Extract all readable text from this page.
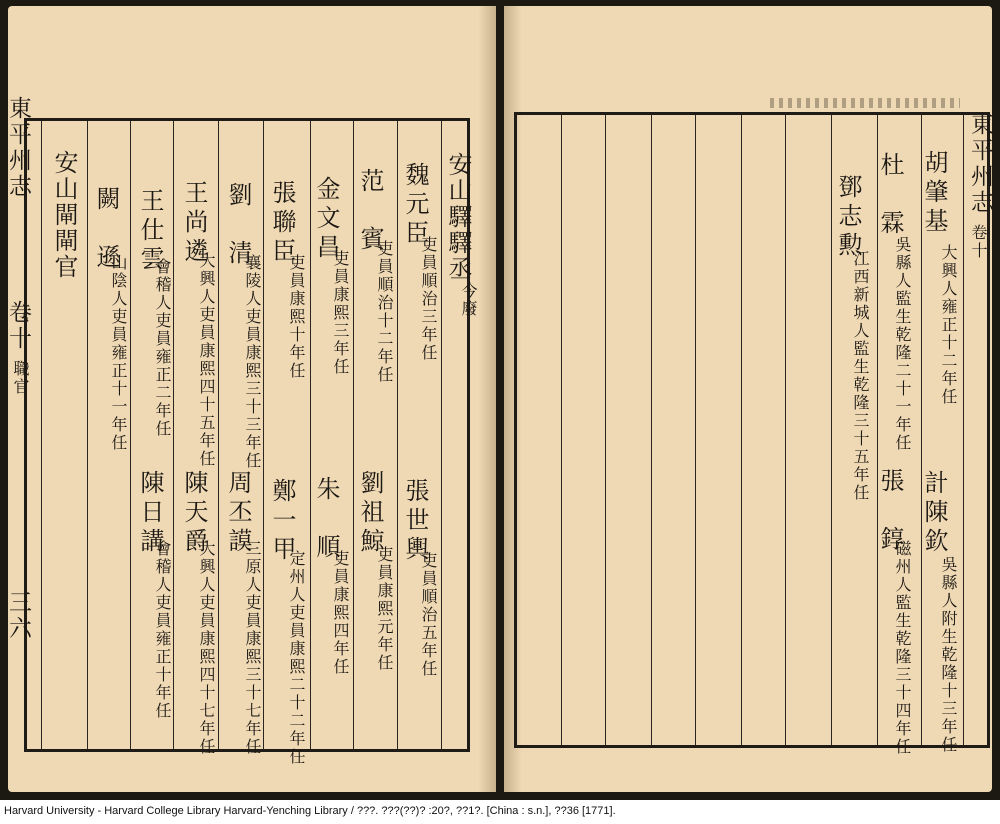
東平州志
卷十
職官
三六
安山驛驛丞
今廢
魏元臣
吏員順治三年任
張世輿
吏員順治五年任
范　賓
吏員順治十二年任
劉祖鯨
吏員康熙元年任
金文昌
吏員康熙三年任
朱　順
吏員康熙四年任
張聯臣
吏員康熙十年任
鄭一甲
定州人吏員康熙二十二年任
劉　清
襄陵人吏員康熙三十三年任
周丕謨
三原人吏員康熙三十七年任
王尚遴
大興人吏員康熙四十五年任
陳天爵
大興人吏員康熙四十七年任
王仕雲
會稽人吏員雍正二年任
陳日講
會稽人吏員雍正十年任
闕　遜
山陰人吏員雍正十一年任
安山閘閘官	東平州志
卷十
胡肇基
大興人雍正十二年任
計陳欽
吳縣人附生乾隆十三年任
杜　霖
吳縣人監生乾隆二十一年任
張　錞
磁州人監生乾隆三十四年任
鄧志勲
江西新城人監生乾隆三十五年任
Harvard University - Harvard College Library Harvard-Yenching Library / ???. ???(??)? :20?, ??1?. [China : s.n.], ??36 [1771].
